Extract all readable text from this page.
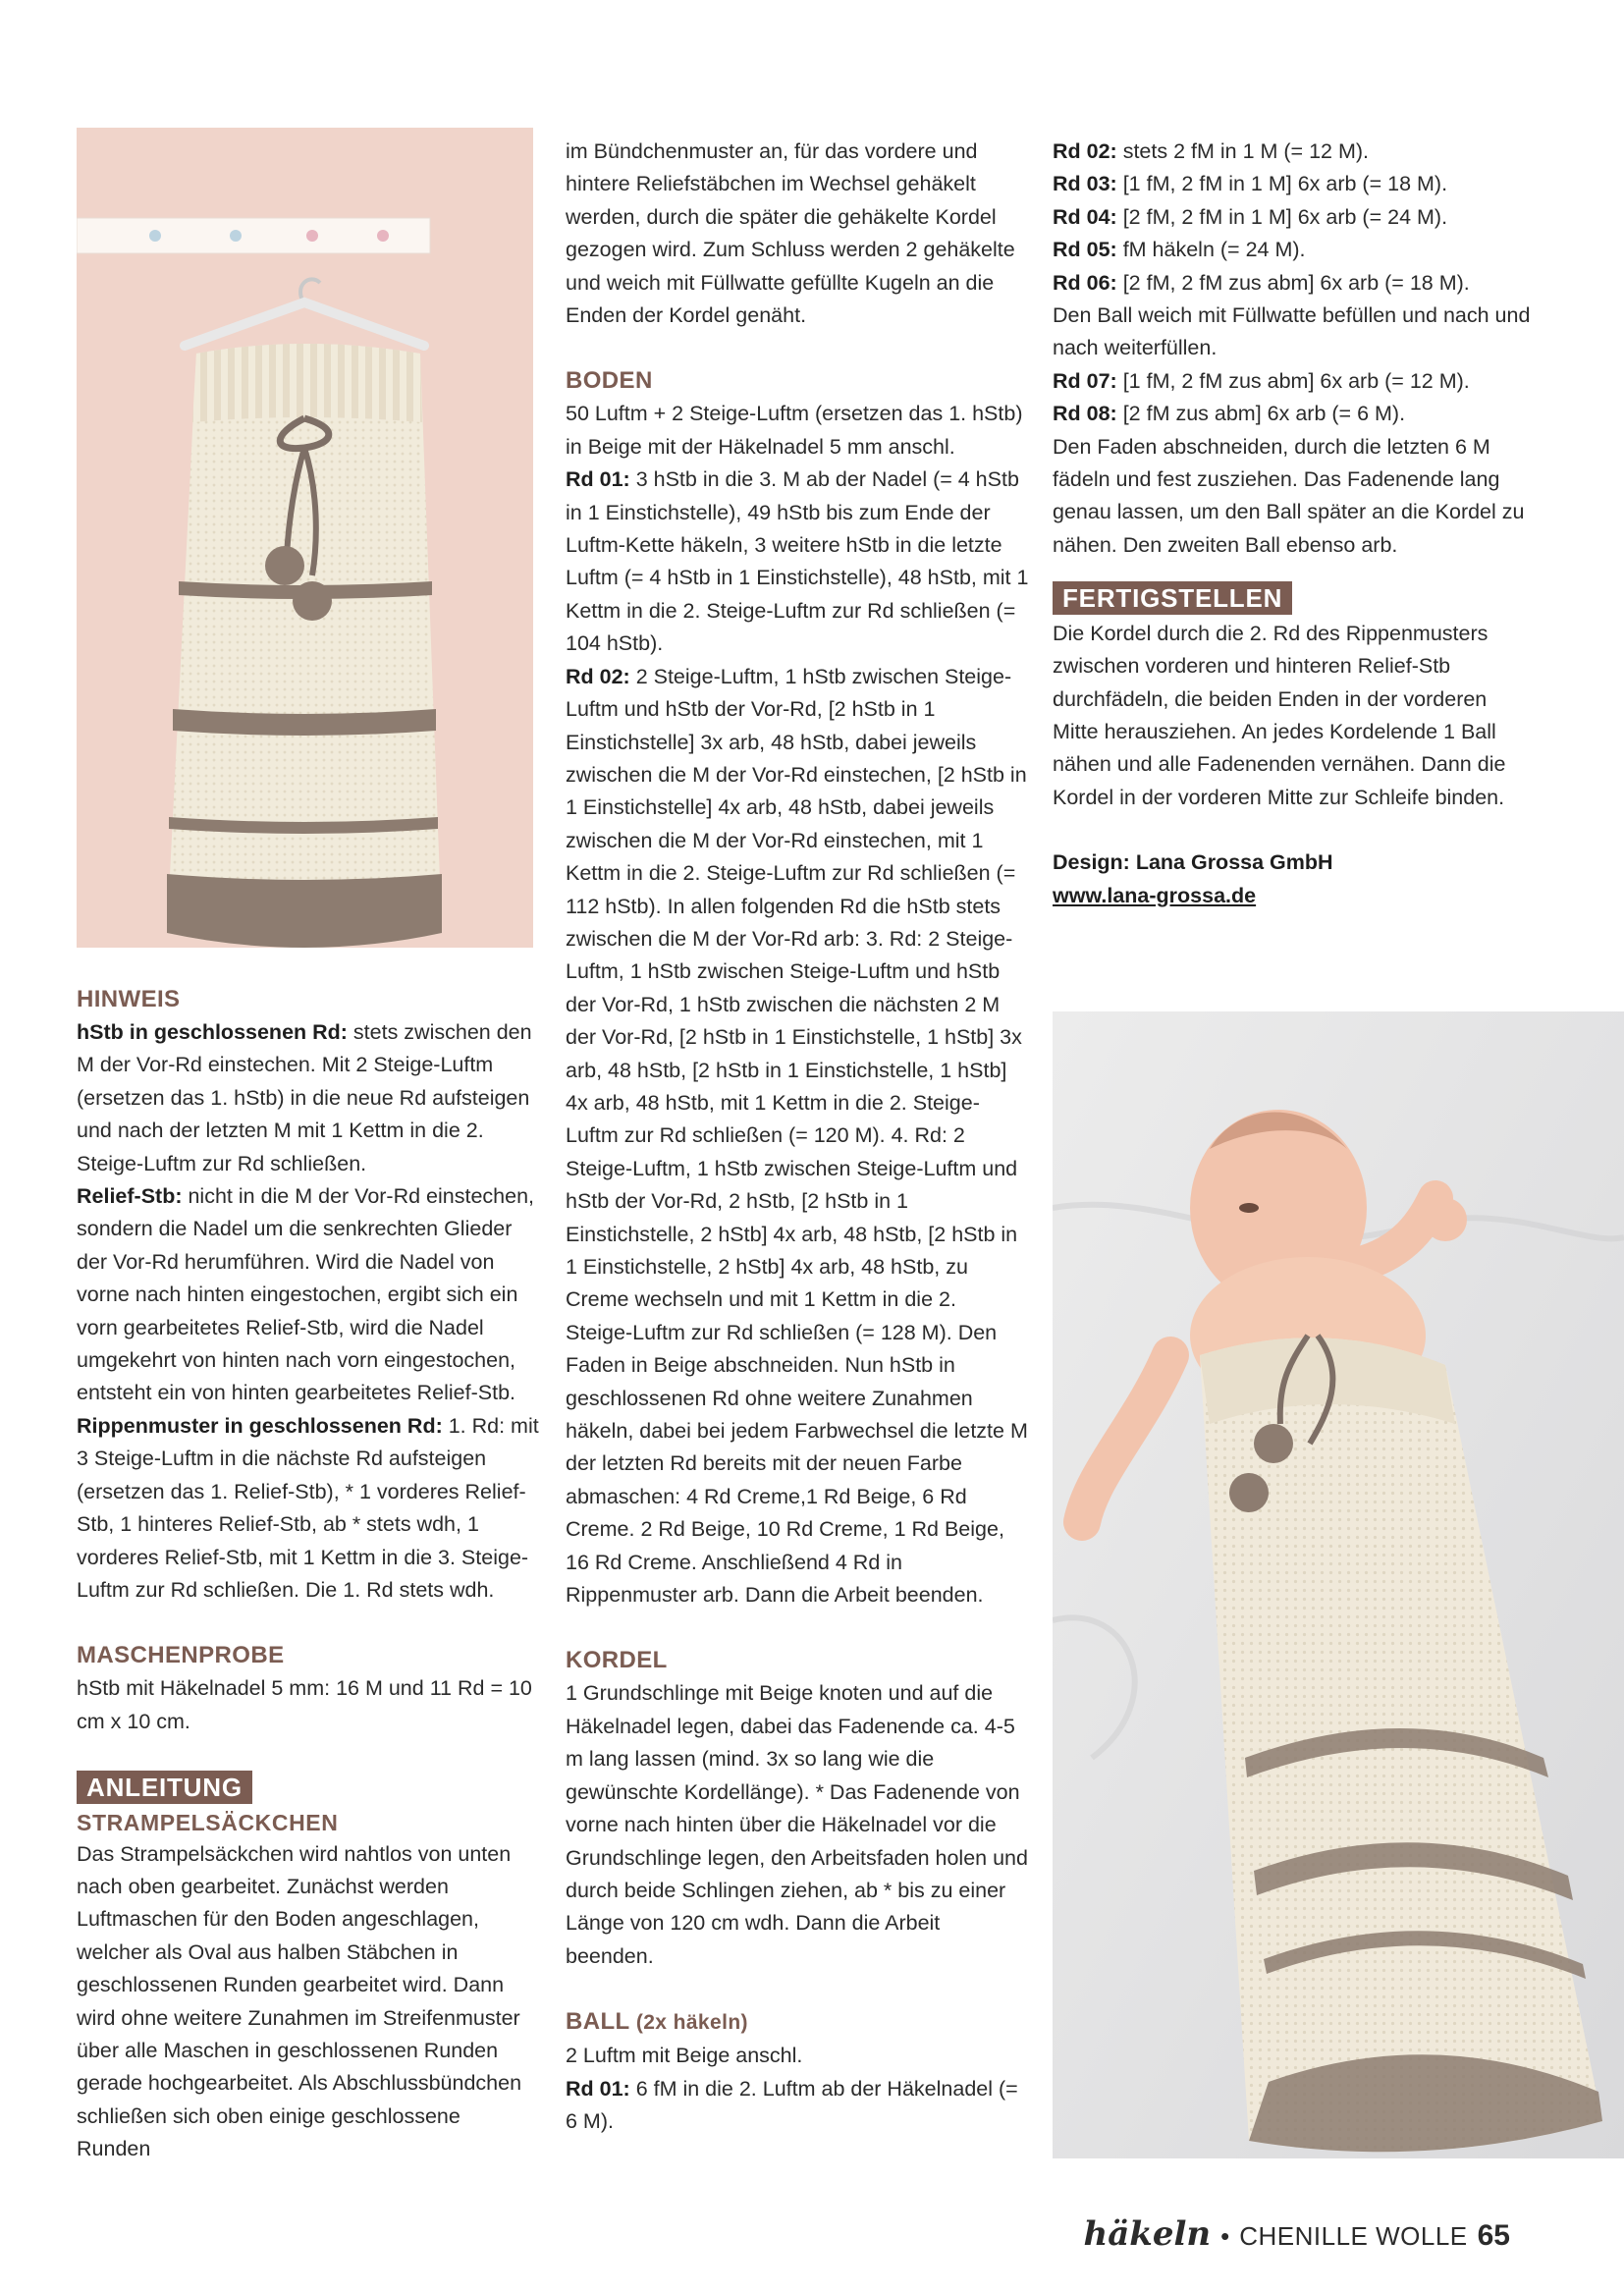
HINWEIS

hStb in geschlossenen Rd: stets zwischen den M der Vor-Rd einstechen. Mit 2 Steige-Luftm (ersetzen das 1. hStb) in die neue Rd aufsteigen und nach der letzten M mit 1 Kettm in die 2. Steige-Luftm zur Rd schließen.

Relief-Stb: nicht in die M der Vor-Rd einstechen, sondern die Nadel um die senkrechten Glieder der Vor-Rd herumführen. Wird die Nadel von vorne nach hinten eingestochen, ergibt sich ein vorn gearbeitetes Relief-Stb, wird die Nadel umgekehrt von hinten nach vorn eingestochen, entsteht ein von hinten gearbeitetes Relief-Stb.

Rippenmuster in geschlossenen Rd: 1. Rd: mit 3 Steige-Luftm in die nächste Rd aufsteigen (ersetzen das 1. Relief-Stb), * 1 vorderes Relief-Stb, 1 hinteres Relief-Stb, ab * stets wdh, 1 vorderes Relief-Stb, mit 1 Kettm in die 3. Steige-Luftm zur Rd schließen. Die 1. Rd stets wdh.

MASCHENPROBE

hStb mit Häkelnadel 5 mm: 16 M und 11 Rd = 10 cm x 10 cm.

ANLEITUNG

STRAMPELSÄCKCHEN

Das Strampelsäckchen wird nahtlos von unten nach oben gearbeitet. Zunächst werden Luftmaschen für den Boden angeschlagen, welcher als Oval aus halben Stäbchen in geschlossenen Runden gearbeitet wird. Dann wird ohne weitere Zunahmen im Streifenmuster über alle Maschen in geschlossenen Runden gerade hochgearbeitet. Als Abschlussbündchen schließen sich oben einige geschlossene Runden

im Bündchenmuster an, für das vordere und hintere Reliefstäbchen im Wechsel gehäkelt werden, durch die später die gehäkelte Kordel gezogen wird. Zum Schluss werden 2 gehäkelte und weich mit Füllwatte gefüllte Kugeln an die Enden der Kordel genäht.

BODEN

50 Luftm + 2 Steige-Luftm (ersetzen das 1. hStb) in Beige mit der Häkelnadel 5 mm anschl.

Rd 01: 3 hStb in die 3. M ab der Nadel (= 4 hStb in 1 Einstichstelle), 49 hStb bis zum Ende der Luftm-Kette häkeln, 3 weitere hStb in die letzte Luftm (= 4 hStb in 1 Einstichstelle), 48 hStb, mit 1 Kettm in die 2. Steige-Luftm zur Rd schließen (= 104 hStb).

Rd 02: 2 Steige-Luftm, 1 hStb zwischen Steige-Luftm und hStb der Vor-Rd, [2 hStb in 1 Einstichstelle] 3x arb, 48 hStb, dabei jeweils zwischen die M der Vor-Rd einstechen, [2 hStb in 1 Einstichstelle] 4x arb, 48 hStb, dabei jeweils zwischen die M der Vor-Rd einstechen, mit 1 Kettm in die 2. Steige-Luftm zur Rd schließen (= 112 hStb). In allen folgenden Rd die hStb stets zwischen die M der Vor-Rd arb: 3. Rd: 2 Steige-Luftm, 1 hStb zwischen Steige-Luftm und hStb der Vor-Rd, 1 hStb zwischen die nächsten 2 M der Vor-Rd, [2 hStb in 1 Einstichstelle, 1 hStb] 3x arb, 48 hStb, [2 hStb in 1 Einstichstelle, 1 hStb] 4x arb, 48 hStb, mit 1 Kettm in die 2. Steige-Luftm zur Rd schließen (= 120 M). 4. Rd: 2 Steige-Luftm, 1 hStb zwischen Steige-Luftm und hStb der Vor-Rd, 2 hStb, [2 hStb in 1 Einstichstelle, 2 hStb] 4x arb, 48 hStb, [2 hStb in 1 Einstichstelle, 2 hStb] 4x arb, 48 hStb, zu Creme wechseln und mit 1 Kettm in die 2. Steige-Luftm zur Rd schließen (= 128 M). Den Faden in Beige abschneiden. Nun hStb in geschlossenen Rd ohne weitere Zunahmen häkeln, dabei bei jedem Farbwechsel die letzte M der letzten Rd bereits mit der neuen Farbe abmaschen: 4 Rd Creme,1 Rd Beige, 6 Rd Creme. 2 Rd Beige, 10 Rd Creme, 1 Rd Beige, 16 Rd Creme. Anschließend 4 Rd in Rippenmuster arb. Dann die Arbeit beenden.

KORDEL

1 Grundschlinge mit Beige knoten und auf die Häkelnadel legen, dabei das Fadenende ca. 4-5 m lang lassen (mind. 3x so lang wie die gewünschte Kordellänge). * Das Fadenende von vorne nach hinten über die Häkelnadel vor die Grundschlinge legen, den Arbeitsfaden holen und durch beide Schlingen ziehen, ab * bis zu einer Länge von 120 cm wdh. Dann die Arbeit beenden.

BALL (2x häkeln)

2 Luftm mit Beige anschl.

Rd 01: 6 fM in die 2. Luftm ab der Häkelnadel (= 6 M).

Rd 02: stets 2 fM in 1 M (= 12 M).

Rd 03: [1 fM, 2 fM in 1 M] 6x arb (= 18 M).

Rd 04: [2 fM, 2 fM in 1 M] 6x arb (= 24 M).

Rd 05: fM häkeln (= 24 M).

Rd 06: [2 fM, 2 fM zus abm] 6x arb (= 18 M).

Den Ball weich mit Füllwatte befüllen und nach und nach weiterfüllen.

Rd 07: [1 fM, 2 fM zus abm] 6x arb (= 12 M).

Rd 08: [2 fM zus abm] 6x arb (= 6 M).

Den Faden abschneiden, durch die letzten 6 M fädeln und fest zusziehen. Das Fadenende lang genau lassen, um den Ball später an die Kordel zu nähen. Den zweiten Ball ebenso arb.

FERTIGSTELLEN

Die Kordel durch die 2. Rd des Rippenmusters zwischen vorderen und hinteren Relief-Stb durchfädeln, die beiden Enden in der vorderen Mitte herausziehen. An jedes Kordelende 1 Ball nähen und alle Fadenenden vernähen. Dann die Kordel in der vorderen Mitte zur Schleife binden.

Design: Lana Grossa GmbH

www.lana-grossa.de

häkeln • CHENILLE WOLLE 65
